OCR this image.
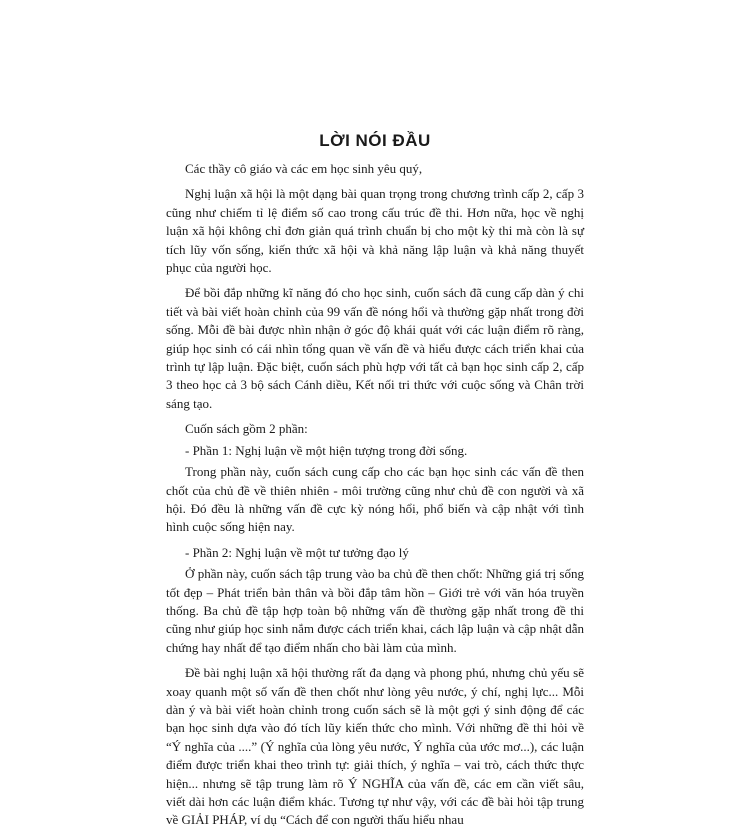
LỜI NÓI ĐẦU

Các thầy cô giáo và các em học sinh yêu quý,

Nghị luận xã hội là một dạng bài quan trọng trong chương trình cấp 2, cấp 3 cũng như chiếm tỉ lệ điểm số cao trong cấu trúc đề thi. Hơn nữa, học về nghị luận xã hội không chỉ đơn giản quá trình chuẩn bị cho một kỳ thi mà còn là sự tích lũy vốn sống, kiến thức xã hội và khả năng lập luận và khả năng thuyết phục của người học.

Để bồi đắp những kĩ năng đó cho học sinh, cuốn sách đã cung cấp dàn ý chi tiết và bài viết hoàn chỉnh của 99 vấn đề nóng hổi và thường gặp nhất trong đời sống. Mỗi đề bài được nhìn nhận ở góc độ khái quát với các luận điểm rõ ràng, giúp học sinh có cái nhìn tổng quan về vấn đề và hiểu được cách triển khai của trình tự lập luận. Đặc biệt, cuốn sách phù hợp với tất cả bạn học sinh cấp 2, cấp 3 theo học cả 3 bộ sách Cánh diều, Kết nối tri thức với cuộc sống và Chân trời sáng tạo.

Cuốn sách gồm 2 phần:

- Phần 1: Nghị luận về một hiện tượng trong đời sống.

Trong phần này, cuốn sách cung cấp cho các bạn học sinh các vấn đề then chốt của chủ đề về thiên nhiên - môi trường cũng như chủ đề con người và xã hội. Đó đều là những vấn đề cực kỳ nóng hổi, phổ biến và cập nhật với tình hình cuộc sống hiện nay.

- Phần 2: Nghị luận về một tư tưởng đạo lý

Ở phần này, cuốn sách tập trung vào ba chủ đề then chốt: Những giá trị sống tốt đẹp – Phát triển bản thân và bồi đắp tâm hồn – Giới trẻ với văn hóa truyền thống. Ba chủ đề tập hợp toàn bộ những vấn đề thường gặp nhất trong đề thi cũng như giúp học sinh nắm được cách triển khai, cách lập luận và cập nhật dẫn chứng hay nhất để tạo điểm nhấn cho bài làm của mình.

Đề bài nghị luận xã hội thường rất đa dạng và phong phú, nhưng chủ yếu sẽ xoay quanh một số vấn đề then chốt như lòng yêu nước, ý chí, nghị lực... Mỗi dàn ý và bài viết hoàn chỉnh trong cuốn sách sẽ là một gợi ý sinh động để các bạn học sinh dựa vào đó tích lũy kiến thức cho mình. Với những đề thi hỏi về “Ý nghĩa của ....” (Ý nghĩa của lòng yêu nước, Ý nghĩa của ước mơ...), các luận điểm được triển khai theo trình tự: giải thích, ý nghĩa – vai trò, cách thức thực hiện... nhưng sẽ tập trung làm rõ Ý NGHĨA của vấn đề, các em cần viết sâu, viết dài hơn các luận điểm khác. Tương tự như vậy, với các đề bài hỏi tập trung về GIẢI PHÁP, ví dụ “Cách để con người thấu hiểu nhau
